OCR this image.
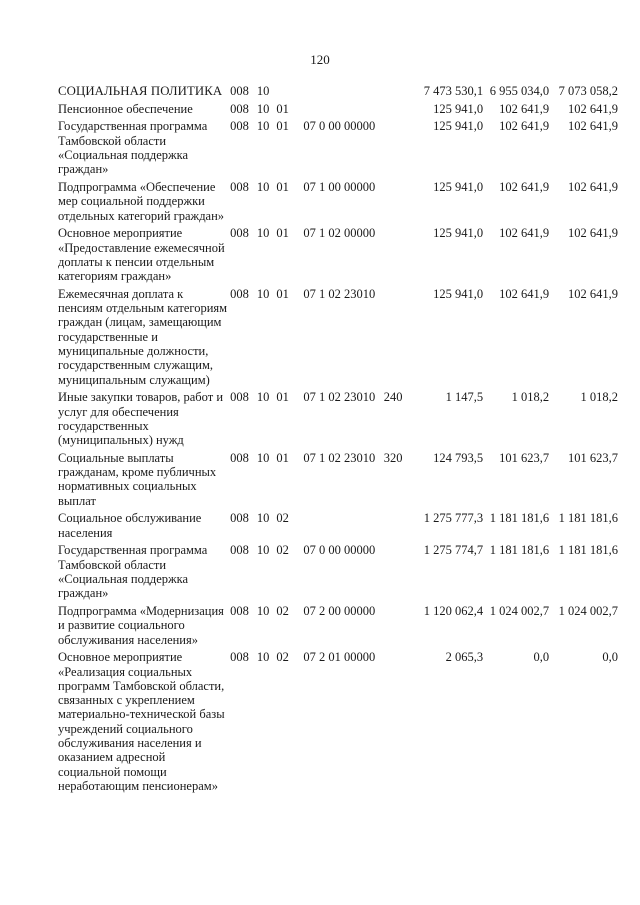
120
СОЦИАЛЬНАЯ ПОЛИТИКА 008 10	7 473 530,1 6 955 034,0 7 073 058,2
Пенсионное обеспечение	008 10 01	125 941,0	102 641,9	102 641,9
Государственная программа Тамбовской области «Социальная поддержка граждан»
008 10 01	07 0 00 00000	125 941,0	102 641,9	102 641,9
Подпрограмма «Обеспечение мер социальной поддержки отдельных категорий граждан»
008 10 01	07 1 00 00000	125 941,0	102 641,9	102 641,9
Основное мероприятие «Предоставление ежемесячной доплаты к пенсии отдельным категориям граждан»
008 10 01	07 1 02 00000	125 941,0	102 641,9	102 641,9
Ежемесячная доплата к пенсиям отдельным категориям граждан (лицам, замещающим государственные и муниципальные должности, государственным служащим, муниципальным служащим)
008 10 01	07 1 02 23010	125 941,0	102 641,9	102 641,9
Иные закупки товаров, работ и услуг для обеспечения государственных (муниципальных) нужд
008 10 01	07 1 02 23010 240	1 147,5	1 018,2	1 018,2
Социальные выплаты гражданам, кроме публичных нормативных социальных выплат
008 10 01	07 1 02 23010 320	124 793,5	101 623,7	101 623,7
Социальное обслуживание населения
008 10 02	1 275 777,3 1 181 181,6 1 181 181,6
Государственная программа Тамбовской области «Социальная поддержка граждан»
008 10 02	07 0 00 00000	1 275 774,7 1 181 181,6 1 181 181,6
Подпрограмма «Модернизация и развитие социального обслуживания населения»
008 10 02	07 2 00 00000	1 120 062,4 1 024 002,7 1 024 002,7
Основное мероприятие «Реализация социальных программ Тамбовской области, связанных с укреплением материально-технической базы учреждений социального обслуживания населения и оказанием адресной социальной помощи неработающим пенсионерам»
008 10 02	07 2 01 00000	2 065,3	0,0	0,0
